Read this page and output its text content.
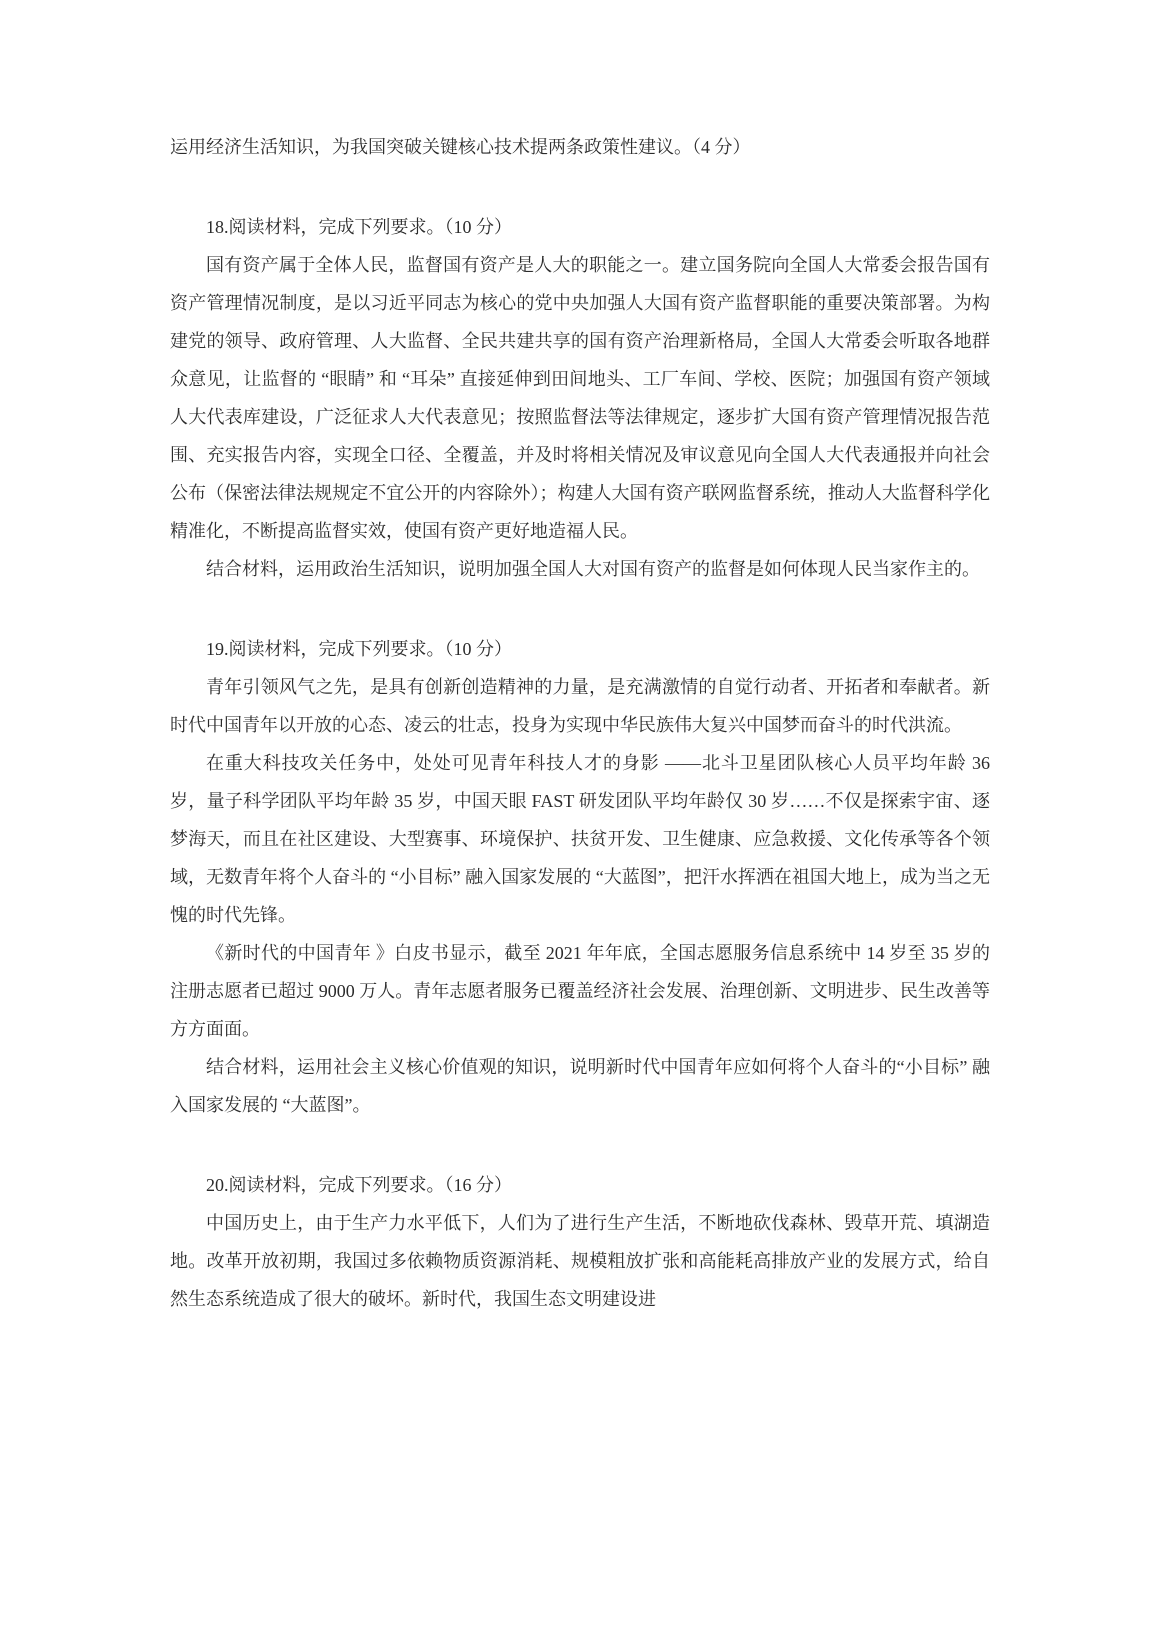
运用经济生活知识，为我国突破关键核心技术提两条政策性建议。（4 分）

18.阅读材料，完成下列要求。（10 分）

国有资产属于全体人民，监督国有资产是人大的职能之一。建立国务院向全国人大常委会报告国有资产管理情况制度，是以习近平同志为核心的党中央加强人大国有资产监督职能的重要决策部署。为构建党的领导、政府管理、人大监督、全民共建共享的国有资产治理新格局，全国人大常委会听取各地群众意见，让监督的 “眼睛” 和 “耳朵” 直接延伸到田间地头、工厂车间、学校、医院；加强国有资产领域人大代表库建设，广泛征求人大代表意见；按照监督法等法律规定，逐步扩大国有资产管理情况报告范围、充实报告内容，实现全口径、全覆盖，并及时将相关情况及审议意见向全国人大代表通报并向社会公布（保密法律法规规定不宜公开的内容除外）；构建人大国有资产联网监督系统，推动人大监督科学化精准化，不断提高监督实效，使国有资产更好地造福人民。

结合材料，运用政治生活知识，说明加强全国人大对国有资产的监督是如何体现人民当家作主的。

19.阅读材料，完成下列要求。（10 分）

青年引领风气之先，是具有创新创造精神的力量，是充满激情的自觉行动者、开拓者和奉献者。新时代中国青年以开放的心态、凌云的壮志，投身为实现中华民族伟大复兴中国梦而奋斗的时代洪流。

在重大科技攻关任务中，处处可见青年科技人才的身影 ——北斗卫星团队核心人员平均年龄 36 岁，量子科学团队平均年龄 35 岁，中国天眼 FAST 研发团队平均年龄仅 30 岁……不仅是探索宇宙、逐梦海天，而且在社区建设、大型赛事、环境保护、扶贫开发、卫生健康、应急救援、文化传承等各个领域，无数青年将个人奋斗的 “小目标” 融入国家发展的 “大蓝图”，把汗水挥洒在祖国大地上，成为当之无愧的时代先锋。

《新时代的中国青年 》白皮书显示，截至 2021 年年底，全国志愿服务信息系统中 14 岁至 35 岁的注册志愿者已超过 9000 万人。青年志愿者服务已覆盖经济社会发展、治理创新、文明进步、民生改善等方方面面。

结合材料，运用社会主义核心价值观的知识，说明新时代中国青年应如何将个人奋斗的“小目标” 融入国家发展的 “大蓝图”。

20.阅读材料，完成下列要求。（16 分）

中国历史上，由于生产力水平低下，人们为了进行生产生活，不断地砍伐森林、毁草开荒、填湖造地。改革开放初期，我国过多依赖物质资源消耗、规模粗放扩张和高能耗高排放产业的发展方式，给自然生态系统造成了很大的破坏。新时代，我国生态文明建设进
